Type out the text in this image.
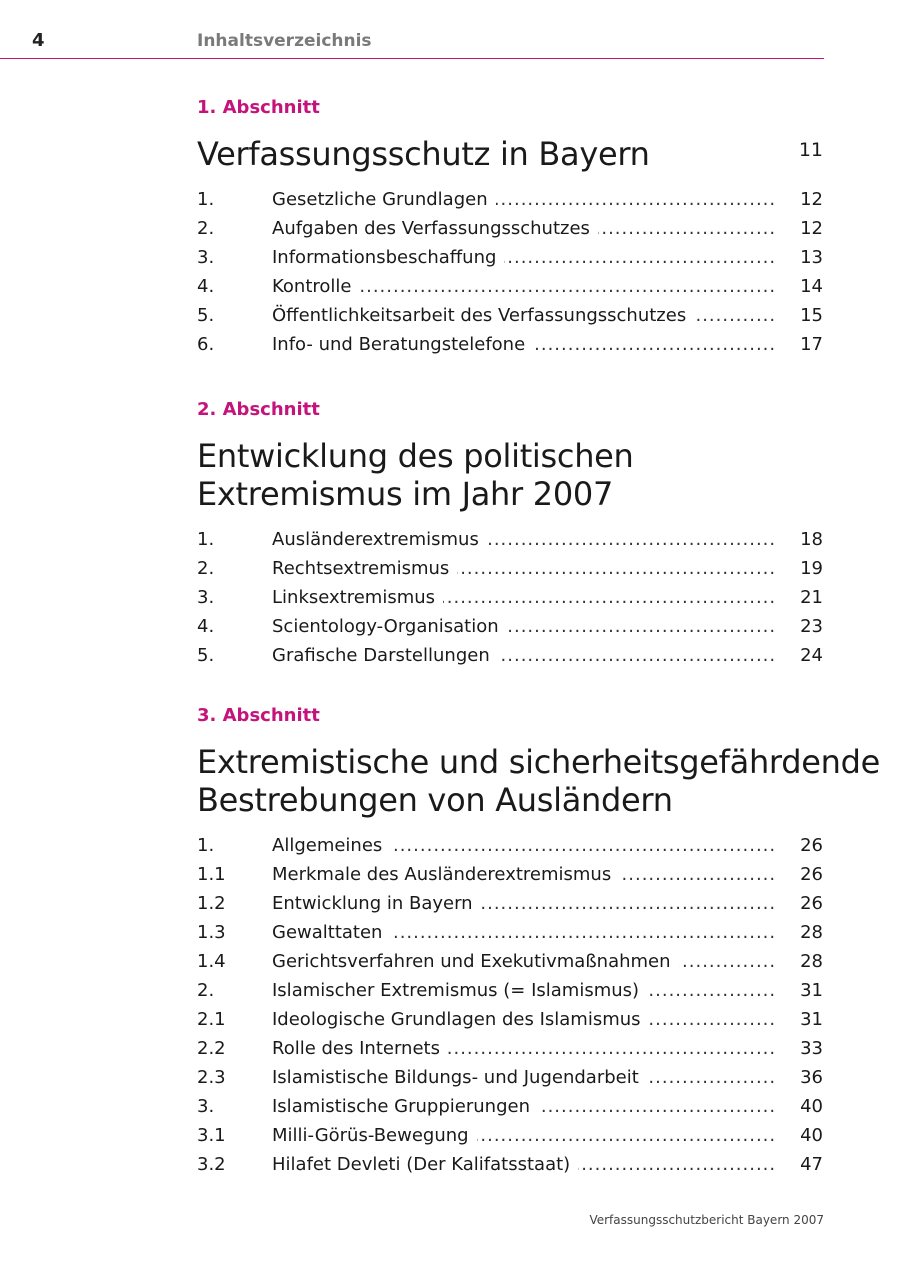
4	Inhaltsverzeichnis
1. Abschnitt
Verfassungsschutz in Bayern	11
1.	Gesetzliche Grundlagen .....	12
2.	Aufgaben des Verfassungsschutzes .....	12
3.	Informationsbeschaffung .....	13
4.	Kontrolle .....	14
5.	Öffentlichkeitsarbeit des Verfassungsschutzes .....	15
6.	Info- und Beratungstelefone .....	17
2. Abschnitt
Entwicklung des politischen
Extremismus im Jahr 2007
1.	Ausländerextremismus .....	18
2.	Rechtsextremismus .....	19
3.	Linksextremismus .....	21
4.	Scientology-Organisation .....	23
5.	Grafische Darstellungen .....	24
3. Abschnitt
Extremistische und sicherheitsgefährdende
Bestrebungen von Ausländern
1.	Allgemeines .....	26
1.1	Merkmale des Ausländerextremismus .....	26
1.2	Entwicklung in Bayern .....	26
1.3	Gewalttaten .....	28
1.4	Gerichtsverfahren und Exekutivmaßnahmen .....	28
2.	Islamischer Extremismus (= Islamismus) .....	31
2.1	Ideologische Grundlagen des Islamismus .....	31
2.2	Rolle des Internets .....	33
2.3	Islamistische Bildungs- und Jugendarbeit .....	36
3.	Islamistische Gruppierungen .....	40
3.1	Milli-Görüs-Bewegung .....	40
3.2	Hilafet Devleti (Der Kalifatsstaat) .....	47
Verfassungsschutzbericht Bayern 2007
